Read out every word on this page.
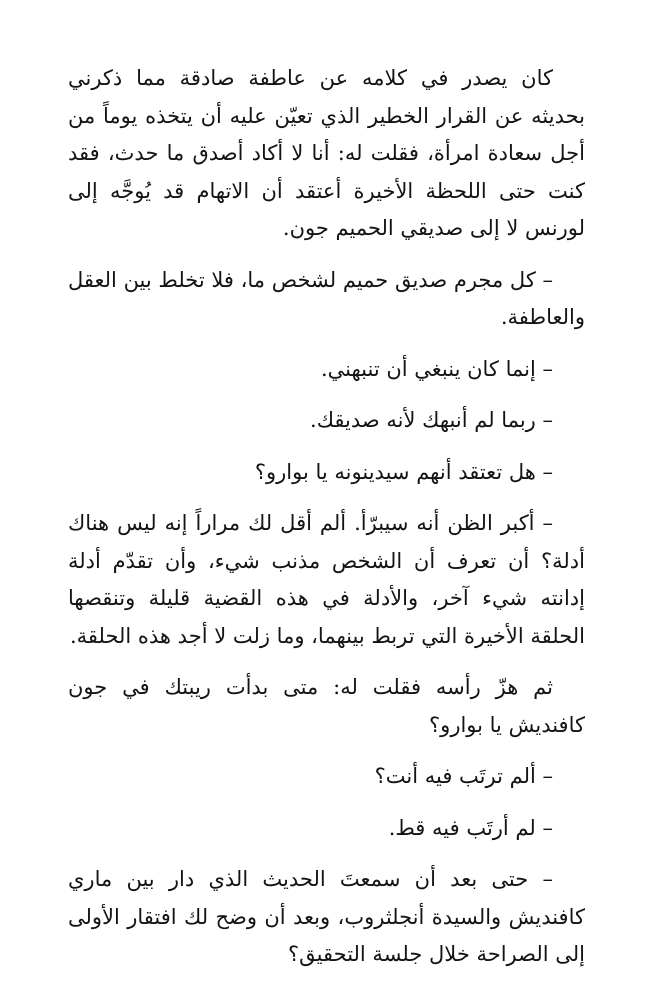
كان يصدر في كلامه عن عاطفة صادقة مما ذكرني بحديثه عن القرار الخطير الذي تعيّن عليه أن يتخذه يوماً من أجل سعادة امرأة، فقلت له: أنا لا أكاد أصدق ما حدث، فقد كنت حتى اللحظة الأخيرة أعتقد أن الاتهام قد يُوجَّه إلى لورنس لا إلى صديقي الحميم جون.

– كل مجرم صديق حميم لشخص ما، فلا تخلط بين العقل والعاطفة.

– إنما كان ينبغي أن تنبهني.

– ربما لم أنبهك لأنه صديقك.

– هل تعتقد أنهم سيدينونه يا بوارو؟

– أكبر الظن أنه سيبرّأ. ألم أقل لك مراراً إنه ليس هناك أدلة؟ أن تعرف أن الشخص مذنب شيء، وأن تقدّم أدلة إدانته شيء آخر، والأدلة في هذه القضية قليلة وتنقصها الحلقة الأخيرة التي تربط بينهما، وما زلت لا أجد هذه الحلقة.

ثم هزّ رأسه فقلت له: متى بدأت ريبتك في جون كافنديش يا بوارو؟

– ألم ترتَب فيه أنت؟

– لم أرتَب فيه قط.

– حتى بعد أن سمعتَ الحديث الذي دار بين ماري كافنديش والسيدة أنجلثروب، وبعد أن وضح لك افتقار الأولى إلى الصراحة خلال جلسة التحقيق؟
